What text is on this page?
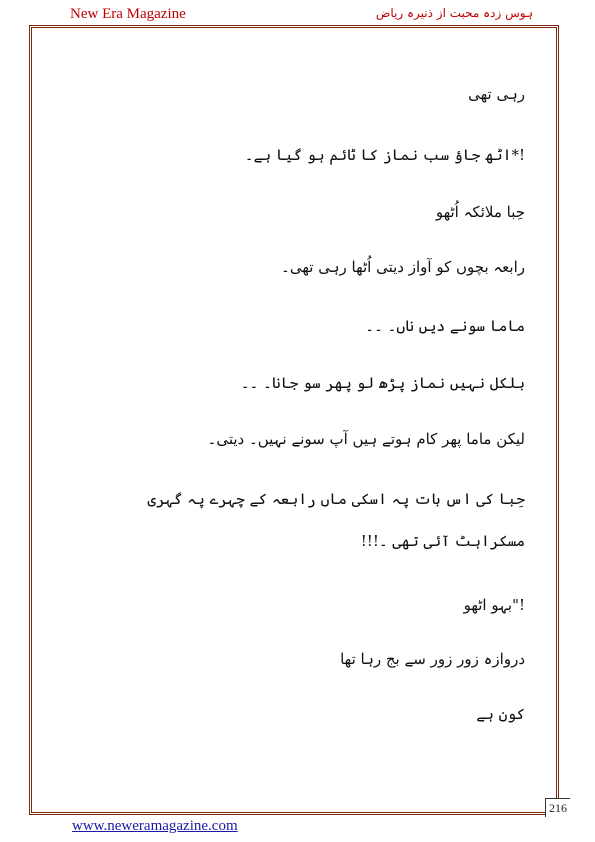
New Era Magazine	ہوس زدہ محبت از ذنیرہ ریاض
رہی تھی
!*اٹھ جاؤ سب نماز کا ٹائم ہو گیا ہے۔
حِبا ملائکہ اُٹھو
رابعہ بچوں کو آواز دیتی اُٹھا رہی تھی۔
ماما سونے دیں ناں۔ ۔۔
بلکل نہیں نماز پڑھ لو پھر سو جانا۔ ۔۔
لیکن ماما پھر کام ہوتے ہیں آپ سونے نہیں۔ دیتی۔
حِبا کی اس بات پہ اسکی ماں رابعہ کے چہرے پہ گہری مسکراہٹ آئی تھی ۔!!!
!"بہو اٹھو
دروازہ زور زور سے بج رہا تھا
کون ہے
216
www.neweramagazine.com
